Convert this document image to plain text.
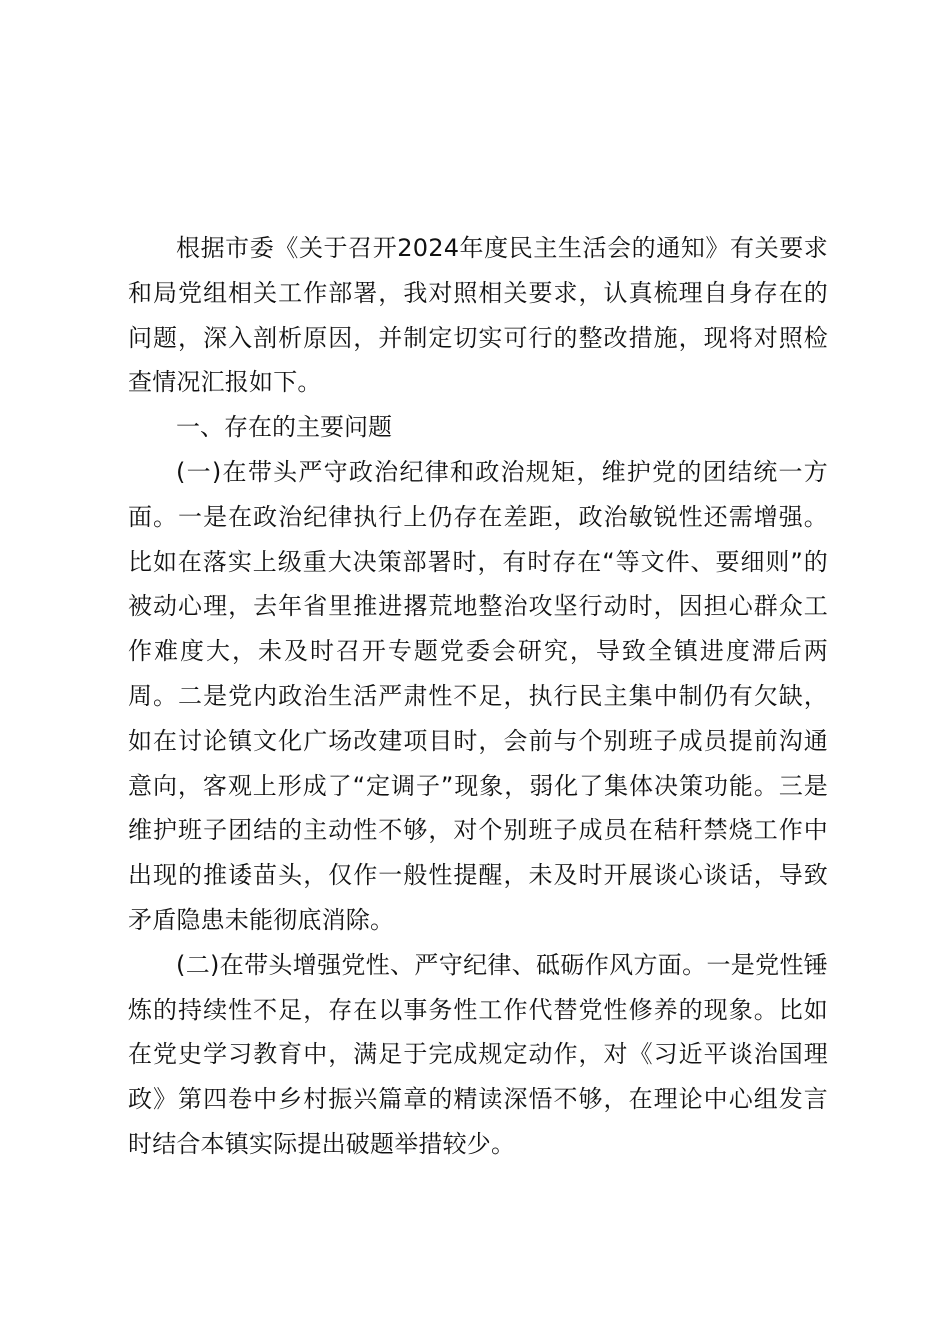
根据市委《关于召开2024年度民主生活会的通知》有关要求和局党组相关工作部署，我对照相关要求，认真梳理自身存在的问题，深入剖析原因，并制定切实可行的整改措施，现将对照检查情况汇报如下。

一、存在的主要问题

(一)在带头严守政治纪律和政治规矩，维护党的团结统一方面。一是在政治纪律执行上仍存在差距，政治敏锐性还需增强。比如在落实上级重大决策部署时，有时存在“等文件、要细则”的被动心理，去年省里推进撂荒地整治攻坚行动时，因担心群众工作难度大，未及时召开专题党委会研究，导致全镇进度滞后两周。二是党内政治生活严肃性不足，执行民主集中制仍有欠缺，如在讨论镇文化广场改建项目时，会前与个别班子成员提前沟通意向，客观上形成了“定调子”现象，弱化了集体决策功能。三是维护班子团结的主动性不够，对个别班子成员在秸秆禁烧工作中出现的推诿苗头，仅作一般性提醒，未及时开展谈心谈话，导致矛盾隐患未能彻底消除。

(二)在带头增强党性、严守纪律、砥砺作风方面。一是党性锤炼的持续性不足，存在以事务性工作代替党性修养的现象。比如在党史学习教育中，满足于完成规定动作，对《习近平谈治国理政》第四卷中乡村振兴篇章的精读深悟不够，在理论中心组发言时结合本镇实际提出破题举措较少。
